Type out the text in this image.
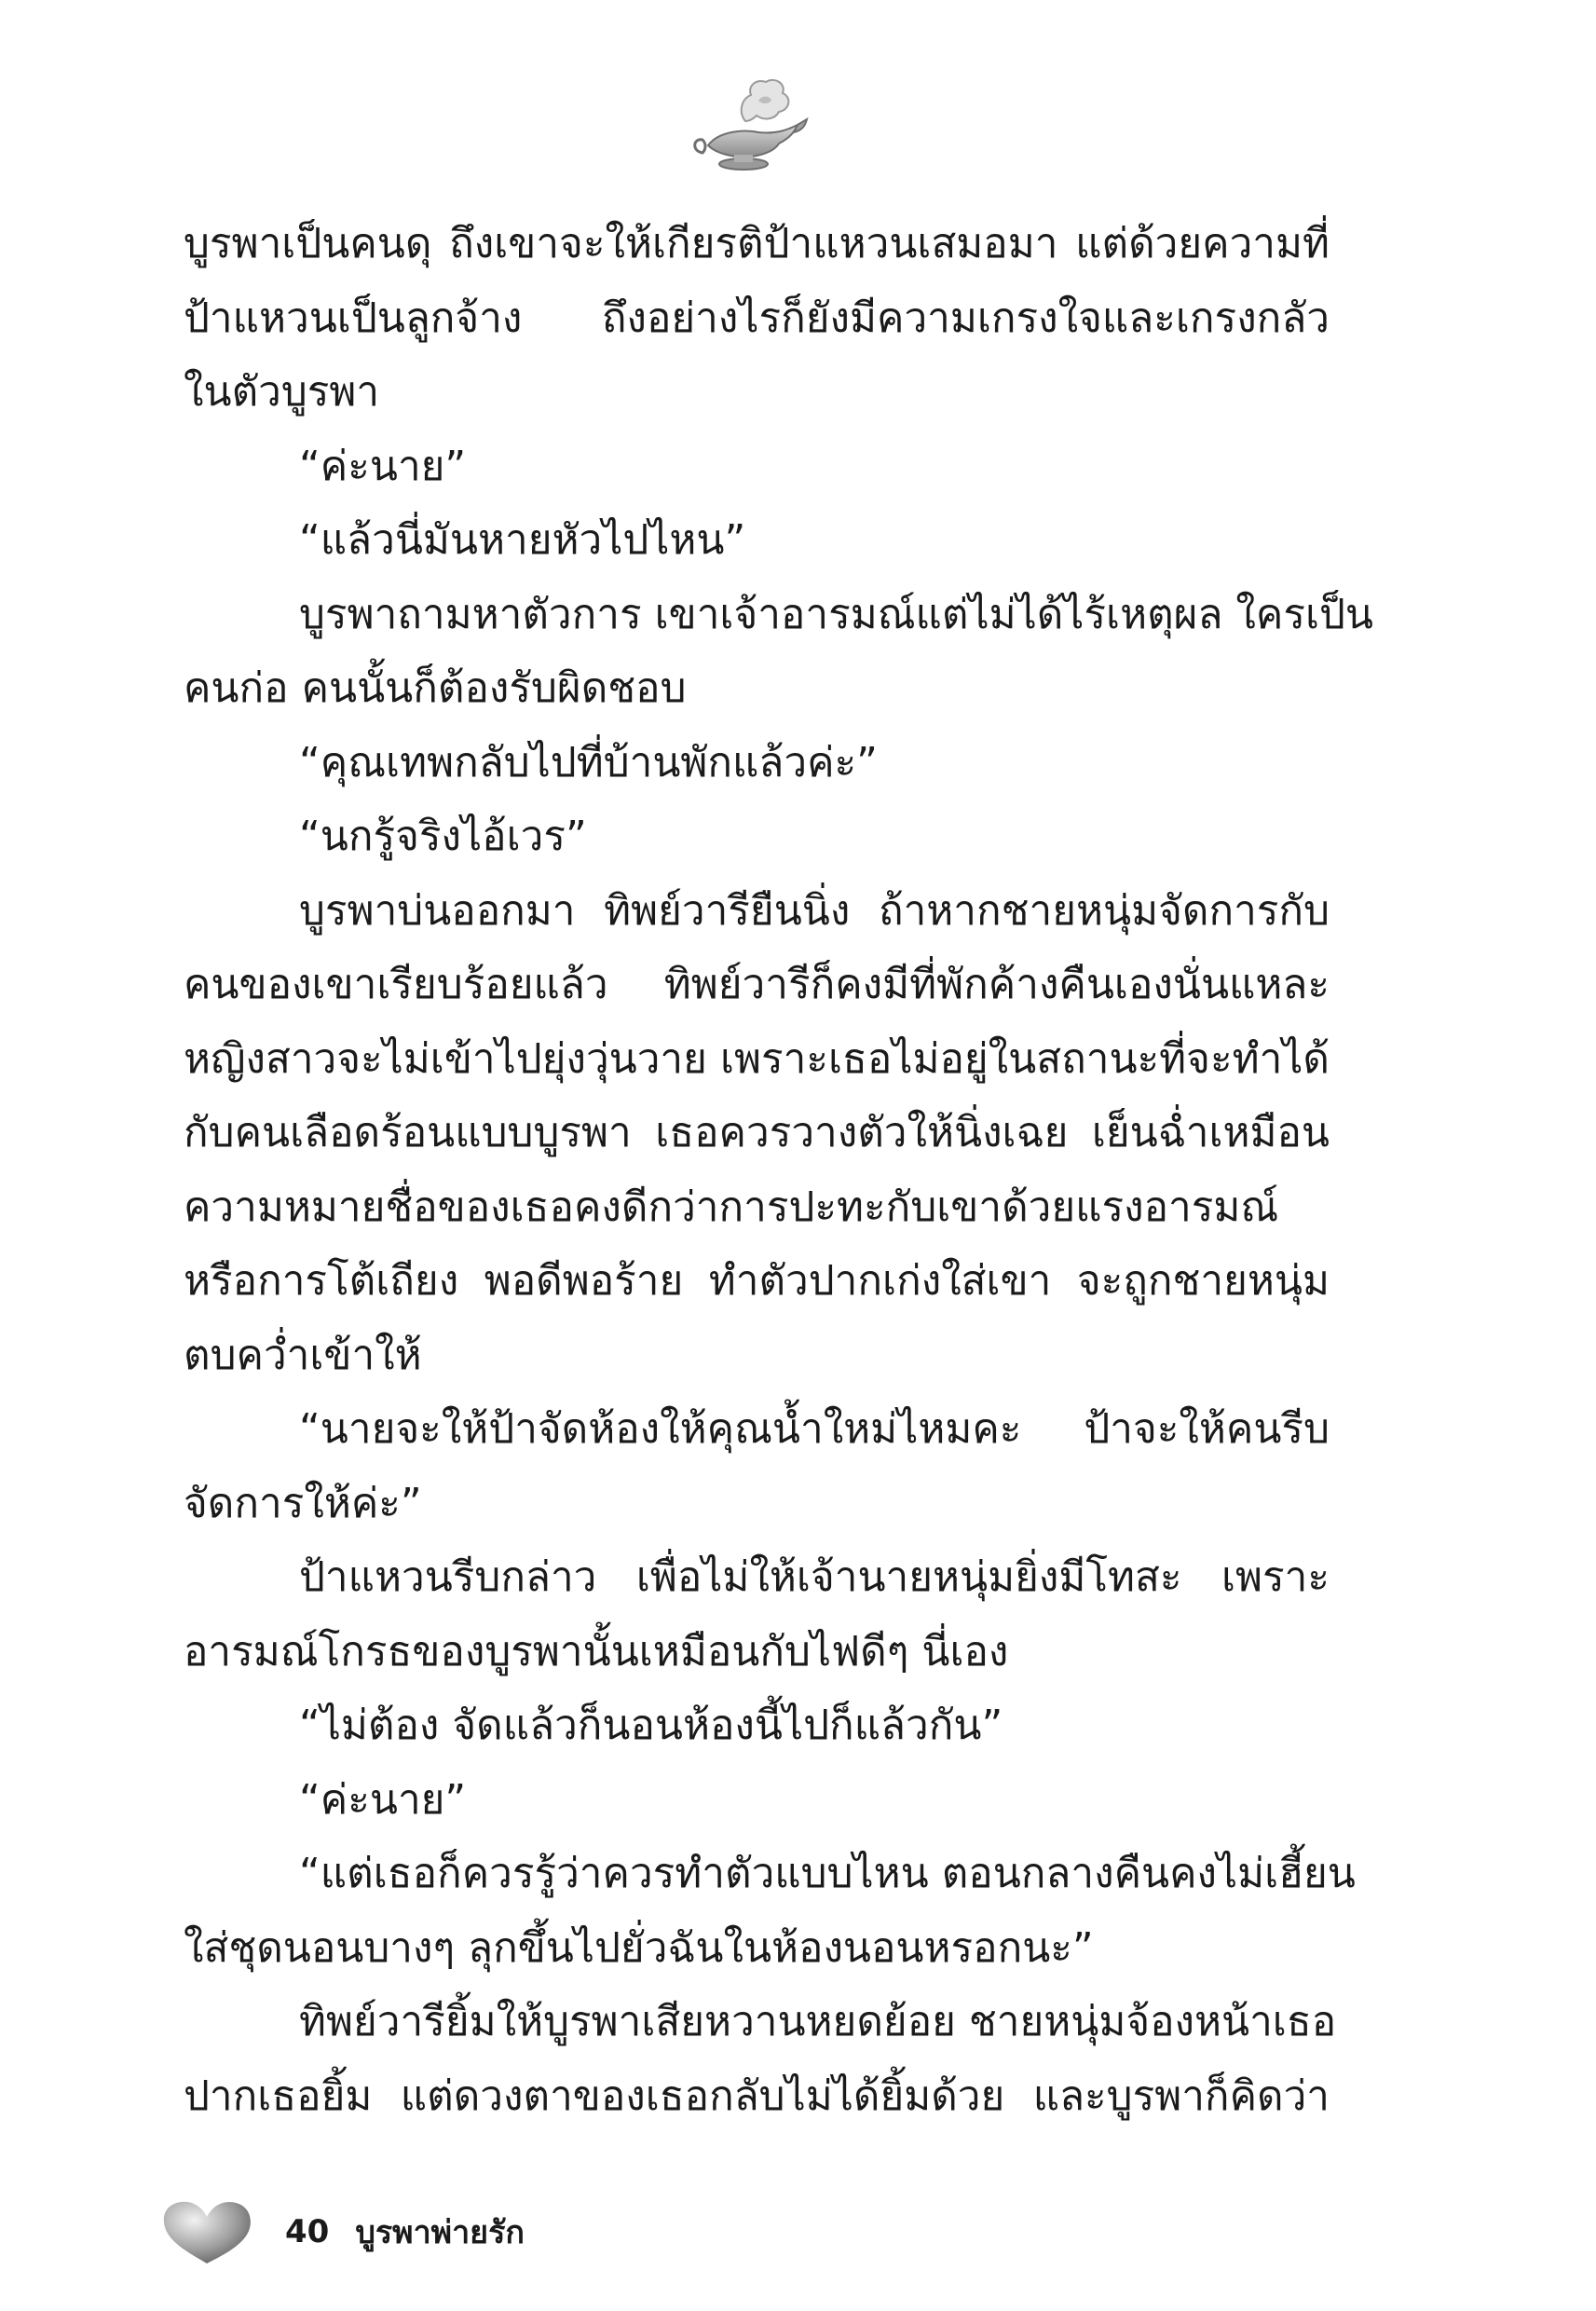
บูรพาเป็นคนดุ ถึงเขาจะให้เกียรติป้าแหวนเสมอมา แต่ด้วยความที่
ป้าแหวนเป็นลูกจ้าง ถึงอย่างไรก็ยังมีความเกรงใจและเกรงกลัว
ในตัวบูรพา
“ค่ะนาย”
“แล้วนี่มันหายหัวไปไหน”
บูรพาถามหาตัวการ เขาเจ้าอารมณ์แต่ไม่ได้ไร้เหตุผล ใครเป็น
คนก่อ คนนั้นก็ต้องรับผิดชอบ
“คุณเทพกลับไปที่บ้านพักแล้วค่ะ”
“นกรู้จริงไอ้เวร”
บูรพาบ่นออกมา ทิพย์วารียืนนิ่ง ถ้าหากชายหนุ่มจัดการกับ
คนของเขาเรียบร้อยแล้ว ทิพย์วารีก็คงมีที่พักค้างคืนเองนั่นแหละ
หญิงสาวจะไม่เข้าไปยุ่งวุ่นวาย เพราะเธอไม่อยู่ในสถานะที่จะทำได้
กับคนเลือดร้อนแบบบูรพา เธอควรวางตัวให้นิ่งเฉย เย็นฉ่ำเหมือน
ความหมายชื่อของเธอคงดีกว่าการปะทะกับเขาด้วยแรงอารมณ์
หรือการโต้เถียง พอดีพอร้าย ทำตัวปากเก่งใส่เขา จะถูกชายหนุ่ม
ตบคว่ำเข้าให้
“นายจะให้ป้าจัดห้องให้คุณน้ำใหม่ไหมคะ ป้าจะให้คนรีบ
จัดการให้ค่ะ”
ป้าแหวนรีบกล่าว เพื่อไม่ให้เจ้านายหนุ่มยิ่งมีโทสะ เพราะ
อารมณ์โกรธของบูรพานั้นเหมือนกับไฟดีๆ นี่เอง
“ไม่ต้อง จัดแล้วก็นอนห้องนี้ไปก็แล้วกัน”
“ค่ะนาย”
“แต่เธอก็ควรรู้ว่าควรทำตัวแบบไหน ตอนกลางคืนคงไม่เฮี้ยน
ใส่ชุดนอนบางๆ ลุกขึ้นไปยั่วฉันในห้องนอนหรอกนะ”
ทิพย์วารียิ้มให้บูรพาเสียหวานหยดย้อย ชายหนุ่มจ้องหน้าเธอ
ปากเธอยิ้ม แต่ดวงตาของเธอกลับไม่ได้ยิ้มด้วย และบูรพาก็คิดว่า
40 บูรพาพ่ายรัก
